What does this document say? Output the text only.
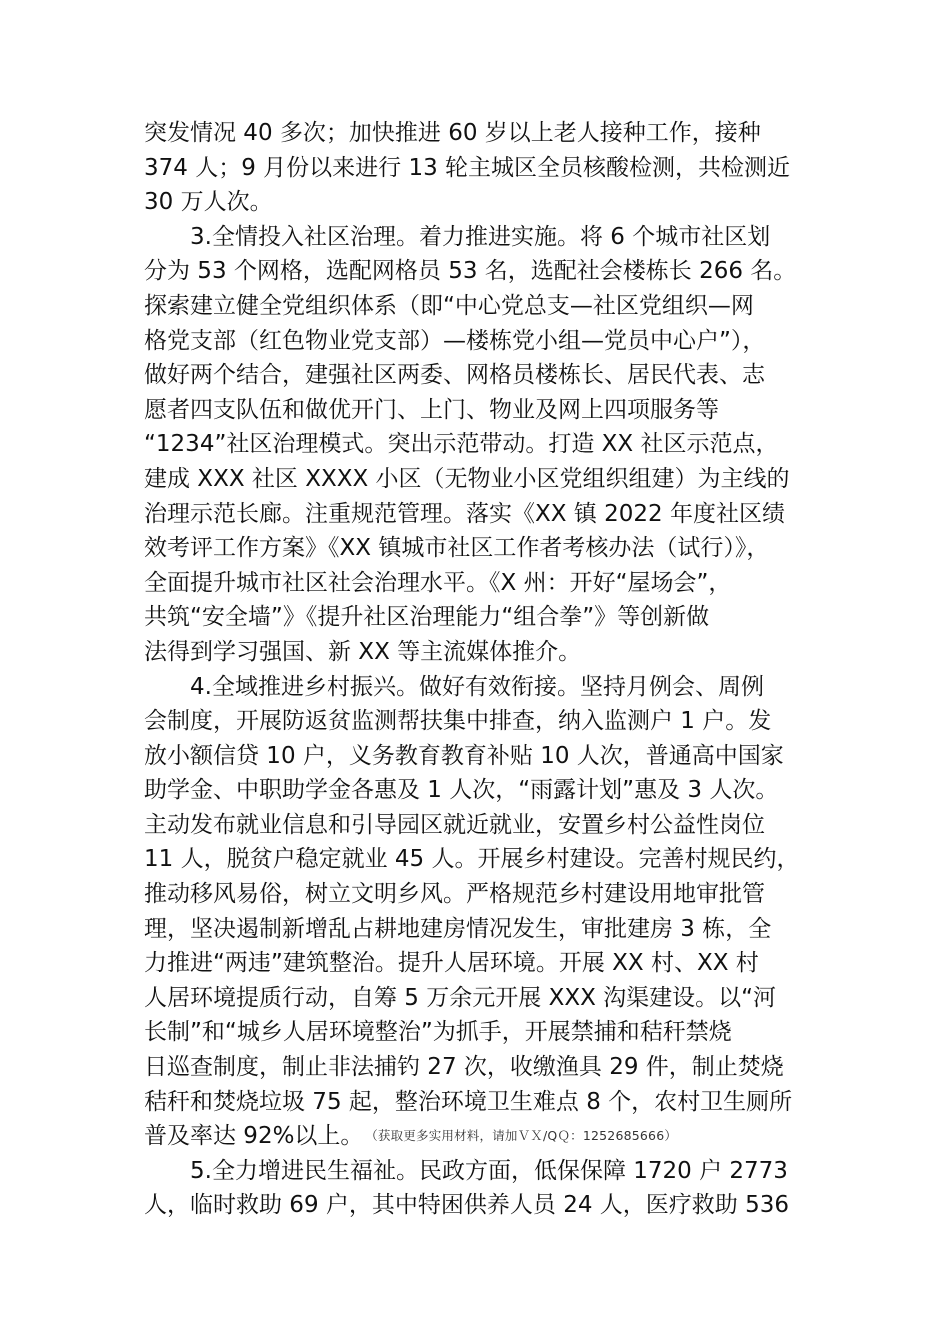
突发情况 40 多次；加快推进 60 岁以上老人接种工作，接种
374 人；9 月份以来进行 13 轮主城区全员核酸检测，共检测近
30 万人次。
　　3.全情投入社区治理。着力推进实施。将 6 个城市社区划
分为 53 个网格，选配网格员 53 名，选配社会楼栋长 266 名。
探索建立健全党组织体系（即“中心党总支—社区党组织—网
格党支部（红色物业党支部）—楼栋党小组—党员中心户”），
做好两个结合，建强社区两委、网格员楼栋长、居民代表、志
愿者四支队伍和做优开门、上门、物业及网上四项服务等
“1234”社区治理模式。突出示范带动。打造 XX 社区示范点，
建成 XXX 社区 XXXX 小区（无物业小区党组织组建）为主线的
治理示范长廊。注重规范管理。落实《XX 镇 2022 年度社区绩
效考评工作方案》《XX 镇城市社区工作者考核办法（试行）》，
全面提升城市社区社会治理水平。《X 州：开好“屋场会”，
共筑“安全墙”》《提升社区治理能力“组合拳”》等创新做
法得到学习强国、新 XX 等主流媒体推介。
　　4.全域推进乡村振兴。做好有效衔接。坚持月例会、周例
会制度，开展防返贫监测帮扶集中排查，纳入监测户 1 户。发
放小额信贷 10 户，义务教育教育补贴 10 人次，普通高中国家
助学金、中职助学金各惠及 1 人次，“雨露计划”惠及 3 人次。
主动发布就业信息和引导园区就近就业，安置乡村公益性岗位
11 人，脱贫户稳定就业 45 人。开展乡村建设。完善村规民约，
推动移风易俗，树立文明乡风。严格规范乡村建设用地审批管
理，坚决遏制新增乱占耕地建房情况发生，审批建房 3 栋，全
力推进“两违”建筑整治。提升人居环境。开展 XX 村、XX 村
人居环境提质行动，自筹 5 万余元开展 XXX 沟渠建设。以“河
长制”和“城乡人居环境整治”为抓手，开展禁捕和秸秆禁烧
日巡查制度，制止非法捕钓 27 次，收缴渔具 29 件，制止焚烧
秸秆和焚烧垃圾 75 起，整治环境卫生难点 8 个，农村卫生厕所
普及率达 92%以上。 （获取更多实用材料，请加ＶＸ/QＱ：1252685666）
　　5.全力增进民生福祉。民政方面，低保保障 1720 户 2773
人，临时救助 69 户，其中特困供养人员 24 人，医疗救助 536
